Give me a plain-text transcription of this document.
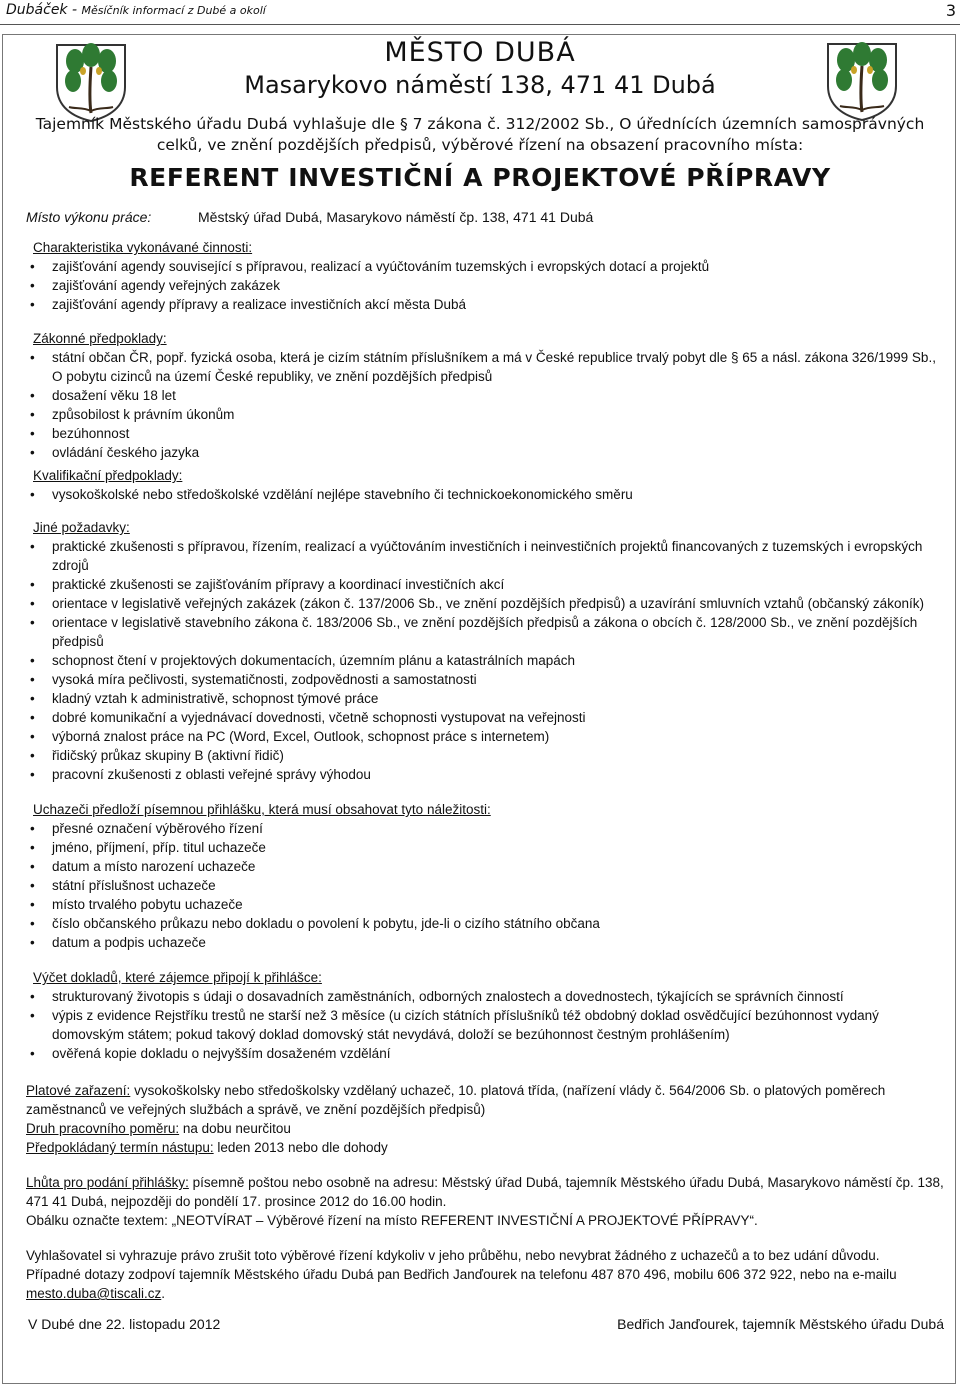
Dubáček - Měsíčník informací z Dubé a okolí	3
MĚSTO DUBÁ
Masarykovo náměstí 138, 471 41 Dubá
Tajemník Městského úřadu Dubá vyhlašuje dle § 7 zákona č. 312/2002 Sb., O úřednících územních samosprávných
celků, ve znění pozdějších předpisů, výběrové řízení na obsazení pracovního místa:
REFERENT INVESTIČNÍ A PROJEKTOVÉ PŘÍPRAVY
Místo výkonu práce:	Městský úřad Dubá, Masarykovo náměstí čp. 138, 471 41 Dubá

Charakteristika vykonávané činnosti:

• zajišťování agendy související s přípravou, realizací a vyúčtováním tuzemských i evropských dotací a projektů
• zajišťování agendy veřejných zakázek
• zajišťování agendy přípravy a realizace investičních akcí města Dubá

Zákonné předpoklady:

• státní občan ČR, popř. fyzická osoba, která je cizím státním příslušníkem a má v České republice trvalý pobyt dle § 65 a násl. zákona 326/1999 Sb., O pobytu cizinců na území České republiky, ve znění pozdějších předpisů
• dosažení věku 18 let
• způsobilost k právním úkonům
• bezúhonnost
• ovládání českého jazyka

Kvalifikační předpoklady:

• vysokoškolské nebo středoškolské vzdělání nejlépe stavebního či technickoekonomického směru

Jiné požadavky:

• praktické zkušenosti s přípravou, řízením, realizací a vyúčtováním investičních i neinvestičních projektů financovaných z tuzemských i evropských zdrojů
• praktické zkušenosti se zajišťováním přípravy a koordinací investičních akcí
• orientace v legislativě veřejných zakázek (zákon č. 137/2006 Sb., ve znění pozdějších předpisů) a uzavírání smluvních vztahů (občanský zákoník)
• orientace v legislativě stavebního zákona č. 183/2006 Sb., ve znění pozdějších předpisů a zákona o obcích č. 128/2000 Sb., ve znění pozdějších předpisů
• schopnost čtení v projektových dokumentacích, územním plánu a katastrálních mapách
• vysoká míra pečlivosti, systematičnosti, zodpovědnosti a samostatnosti
• kladný vztah k administrativě, schopnost týmové práce
• dobré komunikační a vyjednávací dovednosti, včetně schopnosti vystupovat na veřejnosti
• výborná znalost práce na PC (Word, Excel, Outlook, schopnost práce s internetem)
• řidičský průkaz skupiny B (aktivní řidič)
• pracovní zkušenosti z oblasti veřejné správy výhodou

Uchazeči předloží písemnou přihlášku, která musí obsahovat tyto náležitosti:

• přesné označení výběrového řízení
• jméno, příjmení, příp. titul uchazeče
• datum a místo narození uchazeče
• státní příslušnost uchazeče
• místo trvalého pobytu uchazeče
• číslo občanského průkazu nebo dokladu o povolení k pobytu, jde-li o cizího státního občana
• datum a podpis uchazeče

Výčet dokladů, které zájemce připojí k přihlášce:

• strukturovaný životopis s údaji o dosavadních zaměstnáních, odborných znalostech a dovednostech, týkajících se správních činností
• výpis z evidence Rejstříku trestů ne starší než 3 měsíce (u cizích státních příslušníků též obdobný doklad osvědčující bezúhonnost vydaný domovským státem; pokud takový doklad domovský stát nevydává, doloží se bezúhonnost čestným prohlášením)
• ověřená kopie dokladu o nejvyšším dosaženém vzdělání
Platové zařazení: vysokoškolsky nebo středoškolsky vzdělaný uchazeč, 10. platová třída, (nařízení vlády č. 564/2006 Sb. o platových poměrech zaměstnanců ve veřejných službách a správě, ve znění pozdějších předpisů)
Druh pracovního poměru: na dobu neurčitou
Předpokládaný termín nástupu: leden 2013 nebo dle dohody
Lhůta pro podání přihlášky: písemně poštou nebo osobně na adresu: Městský úřad Dubá, tajemník Městského úřadu Dubá, Masarykovo náměstí čp. 138, 471 41 Dubá, nejpozději do pondělí 17. prosince 2012 do 16.00 hodin.
Obálku označte textem: „NEOTVÍRAT – Výběrové řízení na místo REFERENT INVESTIČNÍ A PROJEKTOVÉ PŘÍPRAVY“.
Vyhlašovatel si vyhrazuje právo zrušit toto výběrové řízení kdykoliv v jeho průběhu, nebo nevybrat žádného z uchazečů a to bez udání důvodu.
Případné dotazy zodpoví tajemník Městského úřadu Dubá pan Bedřich Janďourek na telefonu 487 870 496, mobilu 606 372 922, nebo na e-mailu mesto.duba@tiscali.cz.
V Dubé dne 22. listopadu 2012	Bedřich Janďourek, tajemník Městského úřadu Dubá
